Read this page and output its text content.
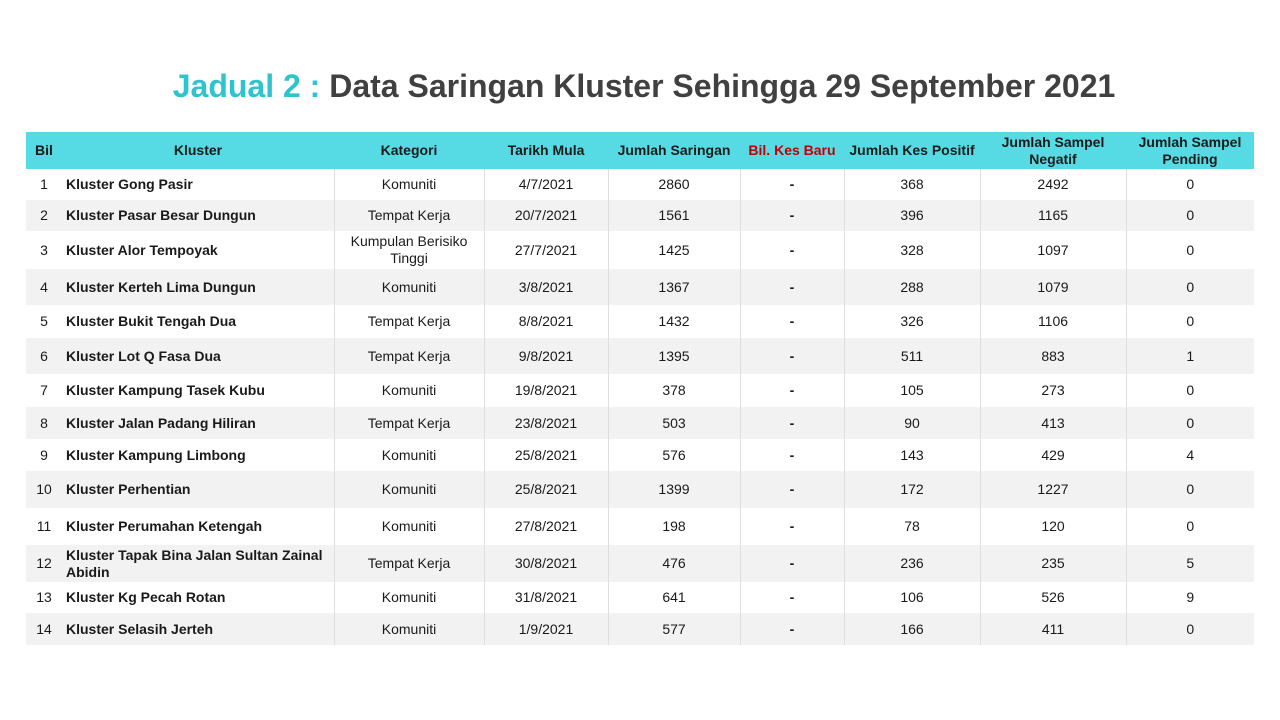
Jadual 2 : Data Saringan Kluster Sehingga 29 September 2021
Bil	Kluster	Kategori	Tarikh Mula	Jumlah Saringan	Bil. Kes Baru	Jumlah Kes Positif	Jumlah Sampel Negatif	Jumlah Sampel Pending
1	Kluster Gong Pasir	Komuniti	4/7/2021	2860	-	368	2492	0
2	Kluster Pasar Besar Dungun	Tempat Kerja	20/7/2021	1561	-	396	1165	0
3	Kluster Alor Tempoyak	Kumpulan Berisiko Tinggi	27/7/2021	1425	-	328	1097	0
4	Kluster Kerteh Lima Dungun	Komuniti	3/8/2021	1367	-	288	1079	0
5	Kluster Bukit Tengah Dua	Tempat Kerja	8/8/2021	1432	-	326	1106	0
6	Kluster Lot Q Fasa Dua	Tempat Kerja	9/8/2021	1395	-	511	883	1
7	Kluster Kampung Tasek Kubu	Komuniti	19/8/2021	378	-	105	273	0
8	Kluster Jalan Padang Hiliran	Tempat Kerja	23/8/2021	503	-	90	413	0
9	Kluster Kampung Limbong	Komuniti	25/8/2021	576	-	143	429	4
10	Kluster Perhentian	Komuniti	25/8/2021	1399	-	172	1227	0
11	Kluster Perumahan Ketengah	Komuniti	27/8/2021	198	-	78	120	0
12	Kluster Tapak Bina Jalan Sultan Zainal Abidin	Tempat Kerja	30/8/2021	476	-	236	235	5
13	Kluster Kg Pecah Rotan	Komuniti	31/8/2021	641	-	106	526	9
14	Kluster Selasih Jerteh	Komuniti	1/9/2021	577	-	166	411	0
